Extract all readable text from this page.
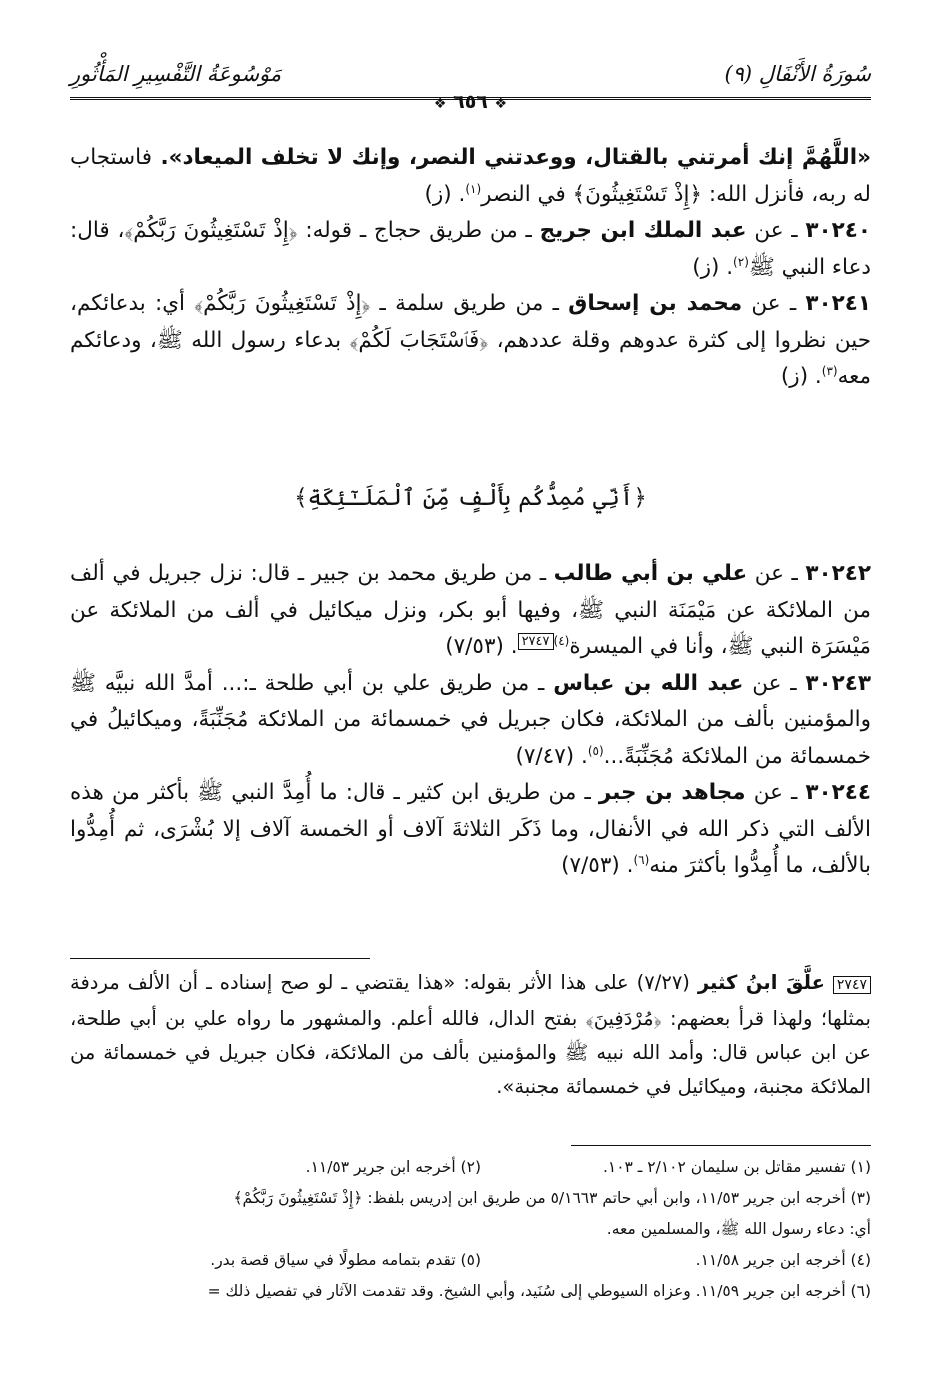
سُورَةُ الأَنْفَالِ (٩)
مَوْسُوعَةُ التَّفْسِيرِ المَأْثُورِ
❖ ٦٥٦ ❖

«اللَّهُمَّ إنك أمرتني بالقتال، ووعدتني النصر، وإنك لا تخلف الميعاد». فاستجاب له ربه، فأنزل الله: ﴿إِذْ تَسْتَغِيثُونَ﴾ في النصر$^{(١)}$. (ز)

٣٠٢٤٠ ـ عن عبد الملك ابن جريج ـ من طريق حجاج ـ قوله: ﴿إِذْ تَسْتَغِيثُونَ رَبَّكُمْ﴾، قال: دعاء النبي ﷺ$^{(٢)}$. (ز)

٣٠٢٤١ ـ عن محمد بن إسحاق ـ من طريق سلمة ـ ﴿إِذْ تَسْتَغِيثُونَ رَبَّكُمْ﴾ أي: بدعائكم، حين نظروا إلى كثرة عدوهم وقلة عددهم، ﴿فَٱسْتَجَابَ لَكُمْ﴾ بدعاء رسول الله ﷺ، ودعائكم معه$^{(٣)}$. (ز)

﴿أَنِّي مُمِدُّكُم بِأَلْفٍ مِّنَ ٱلْمَلَـٰٓئِكَةِ﴾

٣٠٢٤٢ ـ عن علي بن أبي طالب ـ من طريق محمد بن جبير ـ قال: نزل جبريل في ألف من الملائكة عن مَيْمَنَة النبي ﷺ، وفيها أبو بكر، ونزل ميكائيل في ألف من الملائكة عن مَيْسَرَة النبي ﷺ، وأنا في الميسرة$^{(٤)٢٧٤٧}$. (٧/٥٣)

٣٠٢٤٣ ـ عن عبد الله بن عباس ـ من طريق علي بن أبي طلحة ـ:... أمدَّ الله نبيَّه ﷺ والمؤمنين بألف من الملائكة، فكان جبريل في خمسمائة من الملائكة مُجَنِّبَةً، وميكائيلُ في خمسمائة من الملائكة مُجَنِّبَةً...$^{(٥)}$. (٧/٤٧)

٣٠٢٤٤ ـ عن مجاهد بن جبر ـ من طريق ابن كثير ـ قال: ما أُمِدَّ النبي ﷺ بأكثر من هذه الألف التي ذكر الله في الأنفال، وما ذَكَر الثلاثةَ آلاف أو الخمسة آلاف إلا بُشْرَى، ثم أُمِدُّوا بالألف، ما أُمِدُّوا بأكثرَ منه$^{(٦)}$. (٧/٥٣)

٢٧٤٧ علَّقَ ابنُ كثير (٧/٢٧) على هذا الأثر بقوله: «هذا يقتضي ـ لو صح إسناده ـ أن الألف مردفة بمثلها؛ ولهذا قرأ بعضهم: ﴿مُرْدَفِينَ﴾ بفتح الدال، فالله أعلم. والمشهور ما رواه علي بن أبي طلحة، عن ابن عباس قال: وأمد الله نبيه ﷺ والمؤمنين بألف من الملائكة، فكان جبريل في خمسمائة من الملائكة مجنبة، وميكائيل في خمسمائة مجنبة».

(١) تفسير مقاتل بن سليمان ٢/١٠٢ ـ ١٠٣.
(٢) أخرجه ابن جرير ١١/٥٣.
(٣) أخرجه ابن جرير ١١/٥٣، وابن أبي حاتم ٥/١٦٦٣ من طريق ابن إدريس بلفظ: ﴿إِذْ تَسْتَغِيثُونَ رَبَّكُمْ﴾
أي: دعاء رسول الله ﷺ، والمسلمين معه.
(٤) أخرجه ابن جرير ١١/٥٨.
(٥) تقدم بتمامه مطولًا في سياق قصة بدر.
(٦) أخرجه ابن جرير ١١/٥٩. وعزاه السيوطي إلى سُنَيد، وأبي الشيخ. وقد تقدمت الآثار في تفصيل ذلك =
